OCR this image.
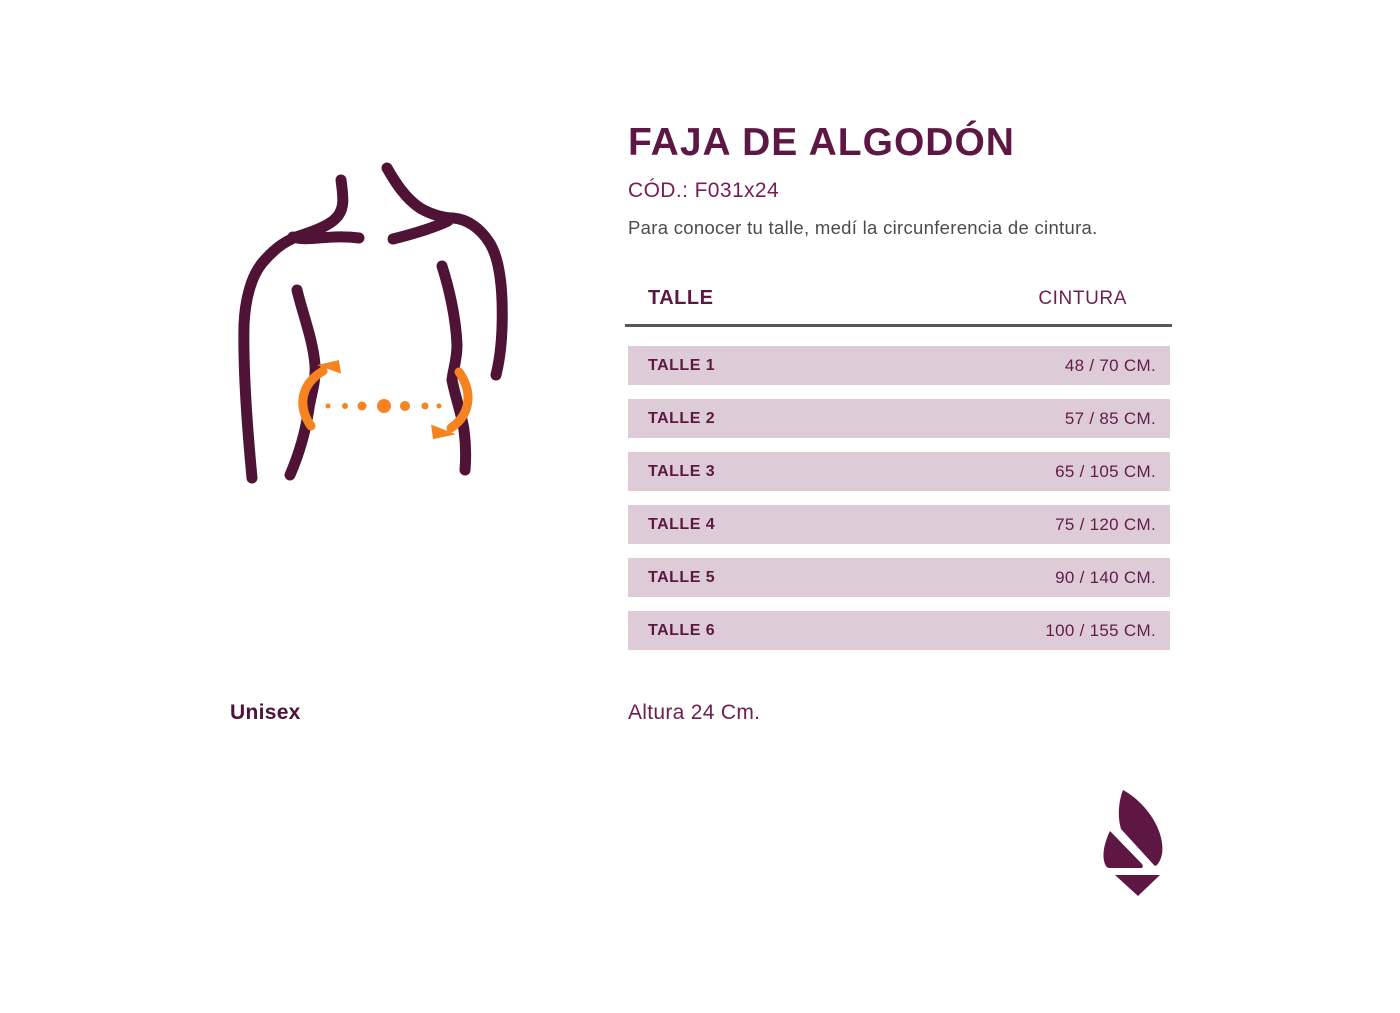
FAJA DE ALGODÓN
CÓD.: F031x24
Para conocer tu talle, medí la circunferencia de cintura.
TALLE	CINTURA
TALLE 1	48 / 70 CM.
TALLE 2	57 / 85 CM.
TALLE 3	65 / 105 CM.
TALLE 4	75 / 120 CM.
TALLE 5	90 / 140 CM.
TALLE 6	100 / 155 CM.
Unisex	Altura 24 Cm.
